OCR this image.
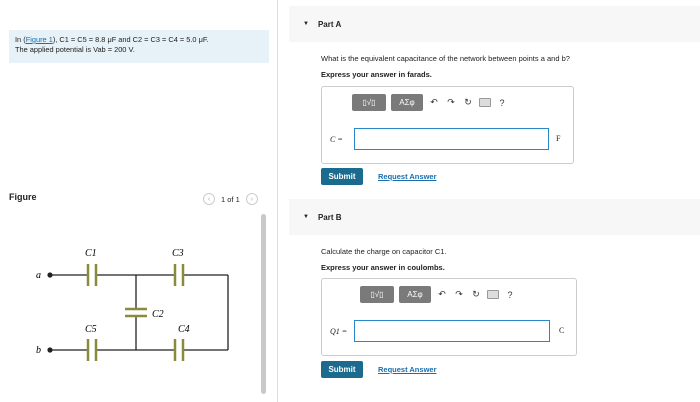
In (Figure 1), C1 = C5 = 8.8 μF and C2 = C3 = C4 = 5.0 μF.
The applied potential is Vab = 200 V.
Figure	‹	1 of 1	›
a
b
C1	C3
C5	C4
C2
▼ Part A
What is the equivalent capacitance of the network between points a and b?
Express your answer in farads.
▯√▯	ΑΣφ	↶ ↷ ↻	?
C =	F
Submit	Request Answer
▼ Part B
Calculate the charge on capacitor C1.
Express your answer in coulombs.
▯√▯	ΑΣφ	↶ ↷ ↻	?
Q1 =	C
Submit	Request Answer
